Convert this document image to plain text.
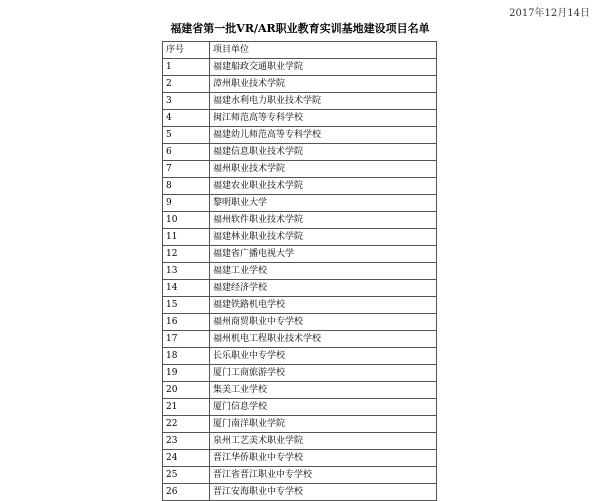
2017年12月14日
福建省第一批VR/AR职业教育实训基地建设项目名单
序号	项目单位
1	福建船政交通职业学院
2	漳州职业技术学院
3	福建水利电力职业技术学院
4	闽江师范高等专科学校
5	福建幼儿师范高等专科学校
6	福建信息职业技术学院
7	福州职业技术学院
8	福建农业职业技术学院
9	黎明职业大学
10	福州软件职业技术学院
11	福建林业职业技术学院
12	福建省广播电视大学
13	福建工业学校
14	福建经济学校
15	福建铁路机电学校
16	福州商贸职业中专学校
17	福州机电工程职业技术学校
18	长乐职业中专学校
19	厦门工商旅游学校
20	集美工业学校
21	厦门信息学校
22	厦门南洋职业学院
23	泉州工艺美术职业学院
24	晋江华侨职业中专学校
25	晋江省晋江职业中专学校
26	晋江安海职业中专学校
